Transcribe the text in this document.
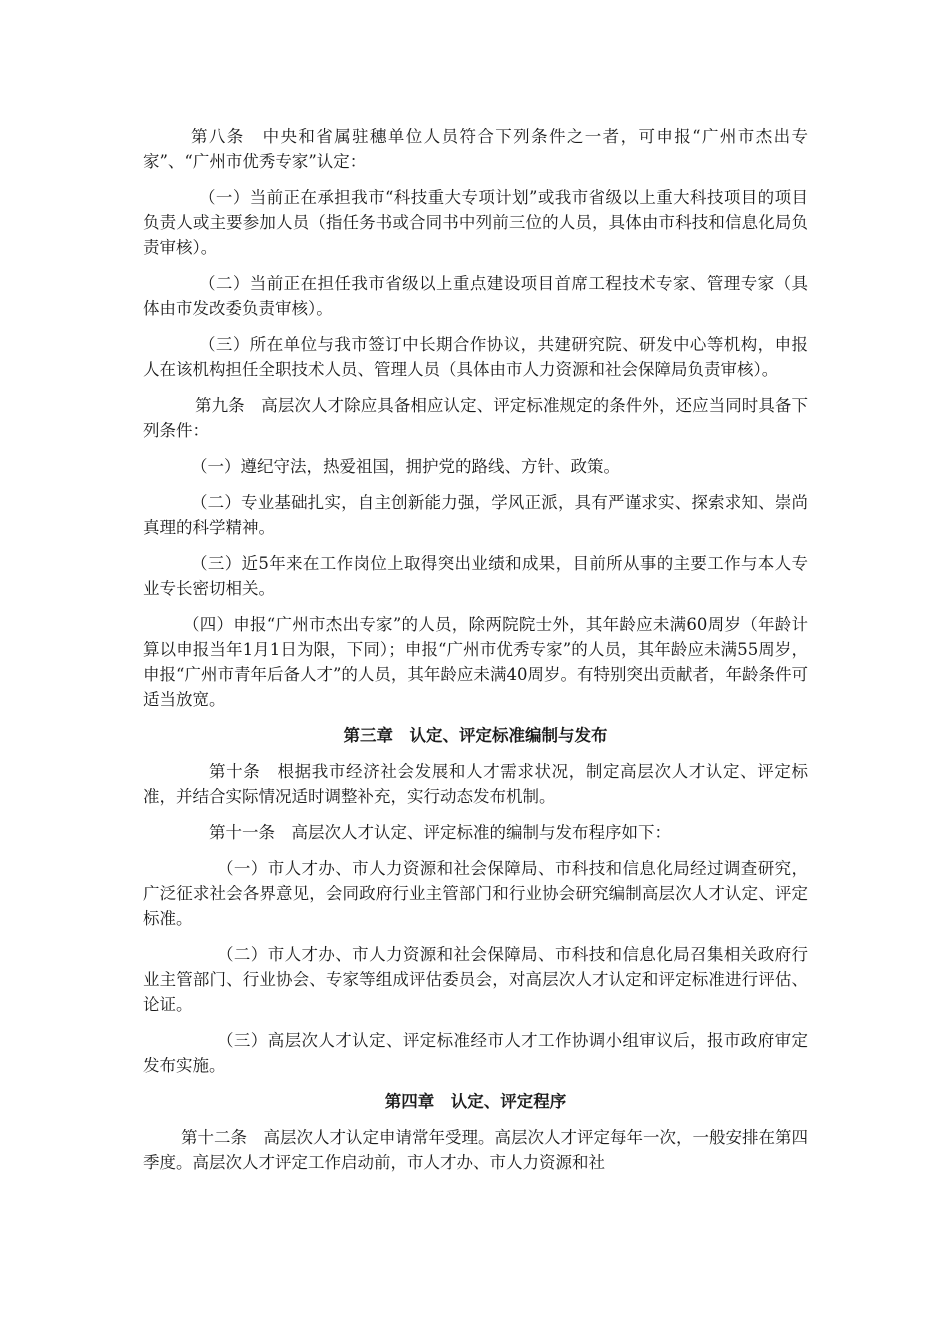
第八条　中央和省属驻穗单位人员符合下列条件之一者，可申报“广州市杰出专家”、“广州市优秀专家”认定：

（一）当前正在承担我市“科技重大专项计划”或我市省级以上重大科技项目的项目负责人或主要参加人员（指任务书或合同书中列前三位的人员，具体由市科技和信息化局负责审核）。

（二）当前正在担任我市省级以上重点建设项目首席工程技术专家、管理专家（具体由市发改委负责审核）。

（三）所在单位与我市签订中长期合作协议，共建研究院、研发中心等机构，申报人在该机构担任全职技术人员、管理人员（具体由市人力资源和社会保障局负责审核）。

第九条　高层次人才除应具备相应认定、评定标准规定的条件外，还应当同时具备下列条件：

（一）遵纪守法，热爱祖国，拥护党的路线、方针、政策。

（二）专业基础扎实，自主创新能力强，学风正派，具有严谨求实、探索求知、崇尚真理的科学精神。

（三）近5年来在工作岗位上取得突出业绩和成果，目前所从事的主要工作与本人专业专长密切相关。

（四）申报“广州市杰出专家”的人员，除两院院士外，其年龄应未满60周岁（年龄计算以申报当年1月1日为限，下同）；申报“广州市优秀专家”的人员，其年龄应未满55周岁，申报“广州市青年后备人才”的人员，其年龄应未满40周岁。有特别突出贡献者，年龄条件可适当放宽。

第三章　认定、评定标准编制与发布

第十条　根据我市经济社会发展和人才需求状况，制定高层次人才认定、评定标准，并结合实际情况适时调整补充，实行动态发布机制。

第十一条　高层次人才认定、评定标准的编制与发布程序如下：

（一）市人才办、市人力资源和社会保障局、市科技和信息化局经过调查研究，广泛征求社会各界意见，会同政府行业主管部门和行业协会研究编制高层次人才认定、评定标准。

（二）市人才办、市人力资源和社会保障局、市科技和信息化局召集相关政府行业主管部门、行业协会、专家等组成评估委员会，对高层次人才认定和评定标准进行评估、论证。

（三）高层次人才认定、评定标准经市人才工作协调小组审议后，报市政府审定发布实施。

第四章　认定、评定程序

第十二条　高层次人才认定申请常年受理。高层次人才评定每年一次，一般安排在第四季度。高层次人才评定工作启动前，市人才办、市人力资源和社
